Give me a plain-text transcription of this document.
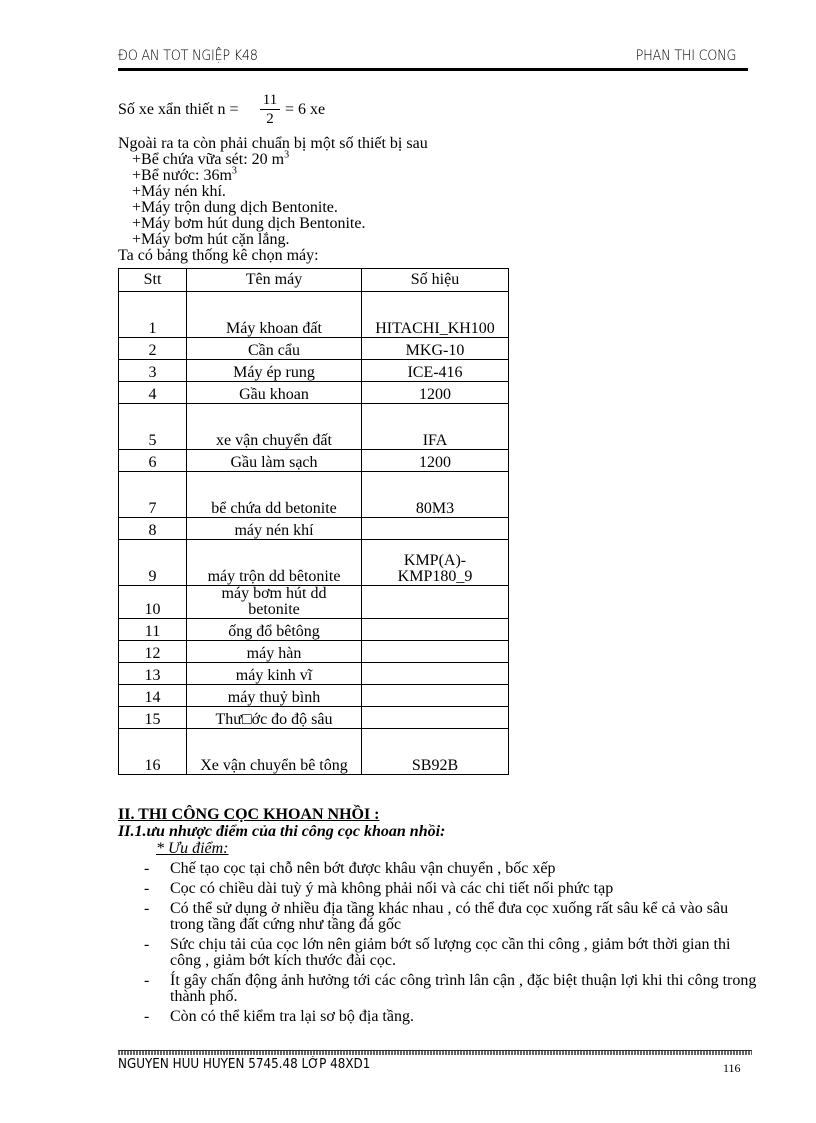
ĐO AN TOT NGIỆP K48	PHAN THI CONG
Số xe xẩn thiết n =
11
2
= 6 xe
Ngoài ra ta còn phải chuẩn bị một số thiết bị sau
+Bể chứa vữa sét: 20 $m^3$
+Bể nước: $36m^3$
+Máy nén khí.
+Máy trộn dung dịch Bentonite.
+Máy bơm hút dung dịch Bentonite.
+Máy bơm hút cặn lắng.
Ta có bảng thống kê chọn máy:
Stt	Tên máy	Số hiệu
1	Máy khoan đất	HITACHI_KH100
2	Cần cẩu	MKG-10
3	Máy ép rung	ICE-416
4	Gầu khoan	1200
5	xe vận chuyển đất	IFA
6	Gầu làm sạch	1200
7	bể chứa dd betonite	80M3
8	máy nén khí	
9	máy trộn dd bêtonite	KMP(A)-
KMP180_9
10	máy bơm hút dd
betonite	
11	ống đổ bêtông	
12	máy hàn	
13	máy kinh vĩ	
14	máy thuỷ bình	
15	Thư□ớc đo độ sâu	
16	Xe vận chuyển bê tông	SB92B
II. THI CÔNG CỌC KHOAN NHỒI :
II.1.ưu nhược điểm của thi công cọc khoan nhồi:
* Ưu điểm:
- Chế tạo cọc tại chỗ nên bớt được khâu vận chuyển , bốc xếp
- Cọc có chiều dài tuỳ ý mà không phải nối và các chi tiết nối phức tạp
- Có thể sử dụng ở nhiều địa tầng khác nhau , có thể đưa cọc xuống rất sâu kể cả vào sâu trong tầng đất cứng như tầng đá gốc
- Sức chịu tải của cọc lớn nên giảm bớt số lượng cọc cần thi công , giảm bớt thời gian thi công , giảm bớt kích thước đài cọc.
- Ít gây chấn động ảnh hưởng tới các công trình lân cận , đặc biệt thuận lợi khi thi công trong thành phố.
- Còn có thể kiểm tra lại sơ bộ địa tầng.
NGUYEN HUU HUYEN 5745.48 LỚP 48XD1	116
